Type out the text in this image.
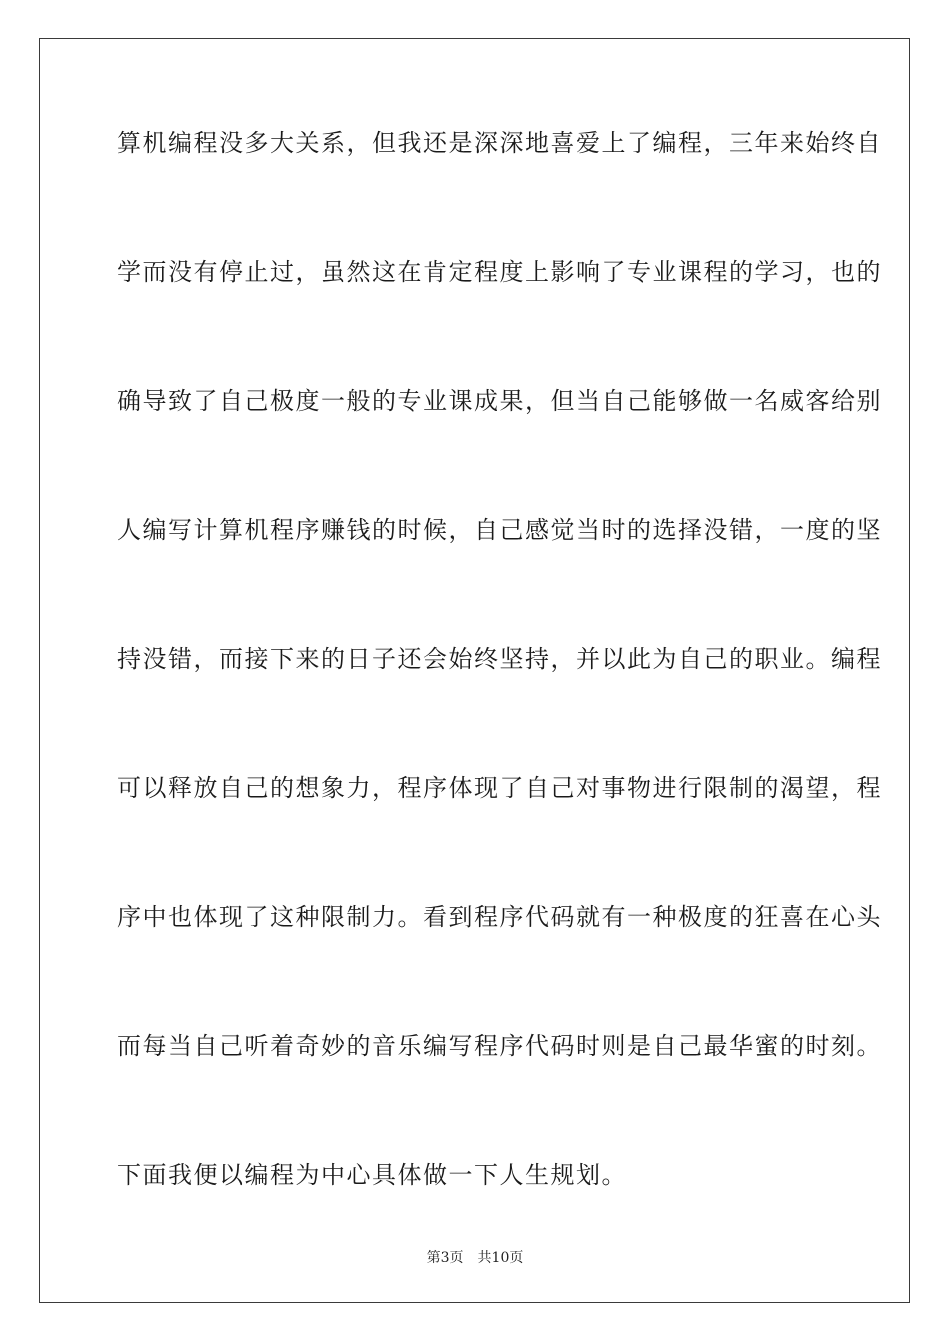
算机编程没多大关系，但我还是深深地喜爱上了编程，三年来始终自
学而没有停止过，虽然这在肯定程度上影响了专业课程的学习，也的
确导致了自己极度一般的专业课成果，但当自己能够做一名威客给别
人编写计算机程序赚钱的时候，自己感觉当时的选择没错，一度的坚
持没错，而接下来的日子还会始终坚持，并以此为自己的职业。编程
可以释放自己的想象力，程序体现了自己对事物进行限制的渴望，程
序中也体现了这种限制力。看到程序代码就有一种极度的狂喜在心头
而每当自己听着奇妙的音乐编写程序代码时则是自己最华蜜的时刻。
下面我便以编程为中心具体做一下人生规划。
第3页 共10页
